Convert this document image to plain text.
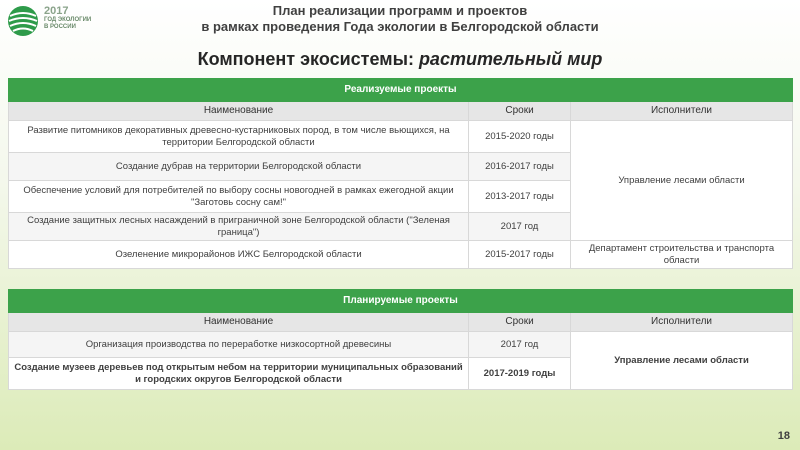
2017
ГОД ЭКОЛОГИИ В РОССИИ
План реализации программ и проектов
в рамках проведения Года экологии в Белгородской области
Компонент экосистемы: растительный мир
Реализуемые проекты		
Наименование	Сроки	Исполнители
Развитие питомников декоративных древесно-кустарниковых пород, в том числе вьющихся, на территории Белгородской области	2015-2020 годы	Управление лесами области
Создание дубрав на территории Белгородской области	2016-2017 годы	
Обеспечение условий для потребителей по выбору сосны новогодней в рамках ежегодной акции "Заготовь сосну сам!"	2013-2017 годы	
Создание защитных лесных насаждений в приграничной зоне Белгородской области ("Зеленая граница")	2017 год	
Озеленение микрорайонов ИЖС Белгородской области	2015-2017 годы	Департамент строительства и транспорта области
Планируемые проекты		
Наименование	Сроки	Исполнители
Организация производства по переработке низкосортной древесины	2017 год	Управление лесами области
Создание музеев деревьев под открытым небом на территории муниципальных образований и городских округов Белгородской области	2017-2019 годы	
18
